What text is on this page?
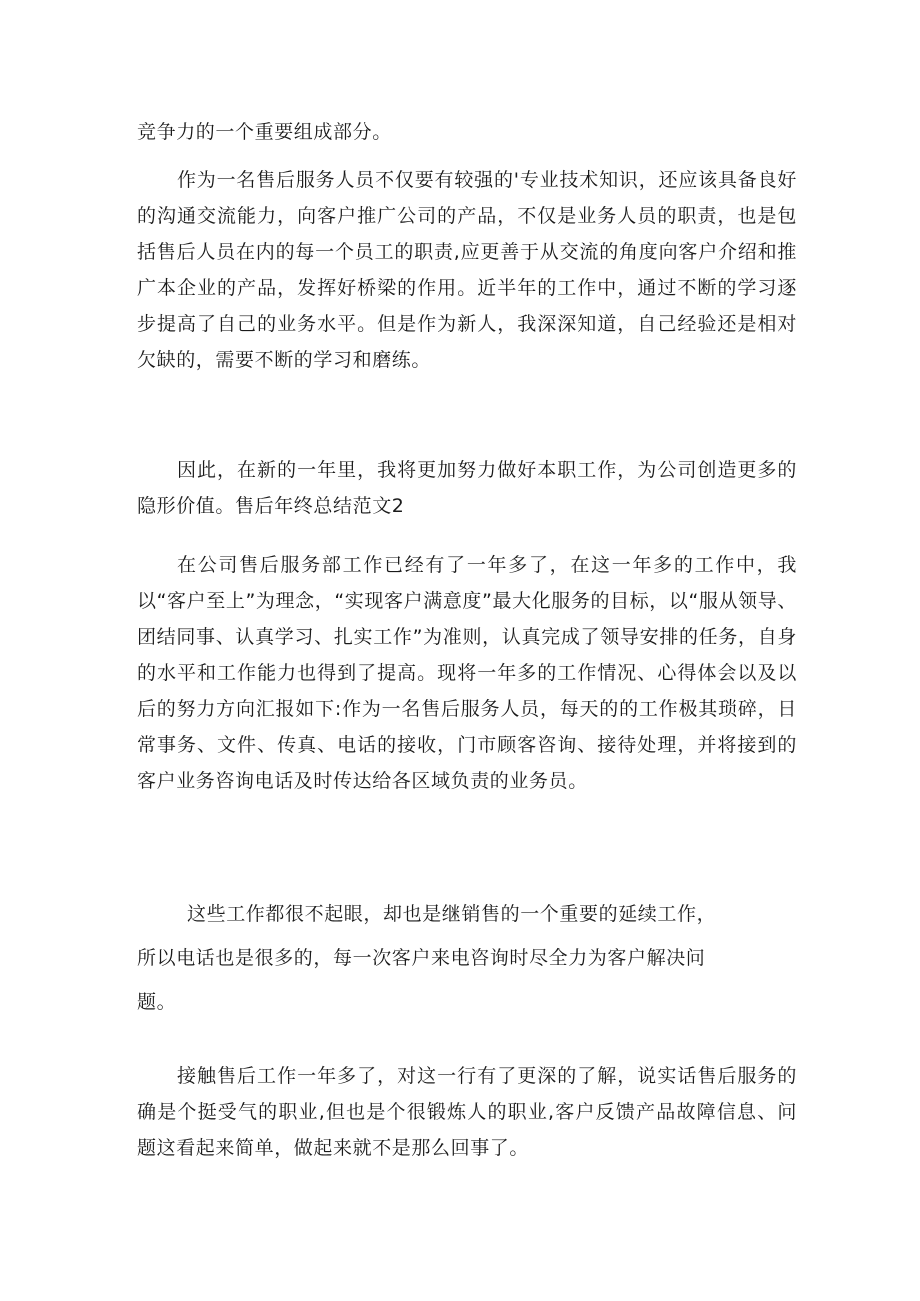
竞争力的一个重要组成部分。

作为一名售后服务人员不仅要有较强的'专业技术知识，还应该具备良好的沟通交流能力，向客户推广公司的产品，不仅是业务人员的职责，也是包括售后人员在内的每一个员工的职责,应更善于从交流的角度向客户介绍和推广本企业的产品，发挥好桥梁的作用。近半年的工作中，通过不断的学习逐步提高了自己的业务水平。但是作为新人，我深深知道，自己经验还是相对欠缺的，需要不断的学习和磨练。

因此，在新的一年里，我将更加努力做好本职工作，为公司创造更多的隐形价值。售后年终总结范文2

在公司售后服务部工作已经有了一年多了，在这一年多的工作中，我以“客户至上”为理念，“实现客户满意度”最大化服务的目标，以“服从领导、团结同事、认真学习、扎实工作”为准则，认真完成了领导安排的任务，自身的水平和工作能力也得到了提高。现将一年多的工作情况、心得体会以及以后的努力方向汇报如下:作为一名售后服务人员，每天的的工作极其琐碎，日常事务、文件、传真、电话的接收，门市顾客咨询、接待处理，并将接到的客户业务咨询电话及时传达给各区域负责的业务员。

这些工作都很不起眼，却也是继销售的一个重要的延续工作，
所以电话也是很多的，每一次客户来电咨询时尽全力为客户解决问
题。

接触售后工作一年多了，对这一行有了更深的了解，说实话售后服务的确是个挺受气的职业,但也是个很锻炼人的职业,客户反馈产品故障信息、问题这看起来简单，做起来就不是那么回事了。
